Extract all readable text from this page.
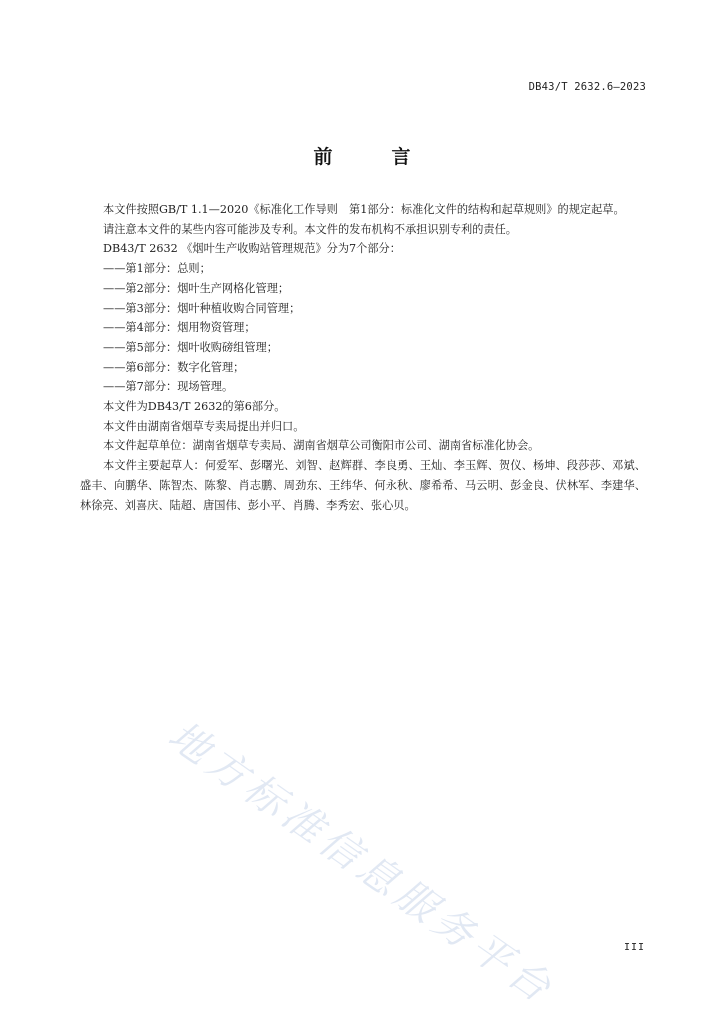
DB43/T 2632.6—2023
前　言

本文件按照GB/T 1.1—2020《标准化工作导则　第1部分：标准化文件的结构和起草规则》的规定起草。

请注意本文件的某些内容可能涉及专利。本文件的发布机构不承担识别专利的责任。

DB43/T 2632 《烟叶生产收购站管理规范》分为7个部分：

——第1部分：总则；

——第2部分：烟叶生产网格化管理；

——第3部分：烟叶种植收购合同管理；

——第4部分：烟用物资管理；

——第5部分：烟叶收购磅组管理；

——第6部分：数字化管理；

——第7部分：现场管理。

本文件为DB43/T 2632的第6部分。

本文件由湖南省烟草专卖局提出并归口。

本文件起草单位：湖南省烟草专卖局、湖南省烟草公司衡阳市公司、湖南省标准化协会。

本文件主要起草人：何爱军、彭曙光、刘智、赵辉群、李良勇、王灿、李玉辉、贺仪、杨坤、段莎莎、邓斌、盛丰、向鹏华、陈智杰、陈黎、肖志鹏、周劲东、王纬华、何永秋、廖希希、马云明、彭金良、伏林军、李建华、林徐亮、刘喜庆、陆超、唐国伟、彭小平、肖腾、李秀宏、张心贝。

地方标准信息服务平台	III
